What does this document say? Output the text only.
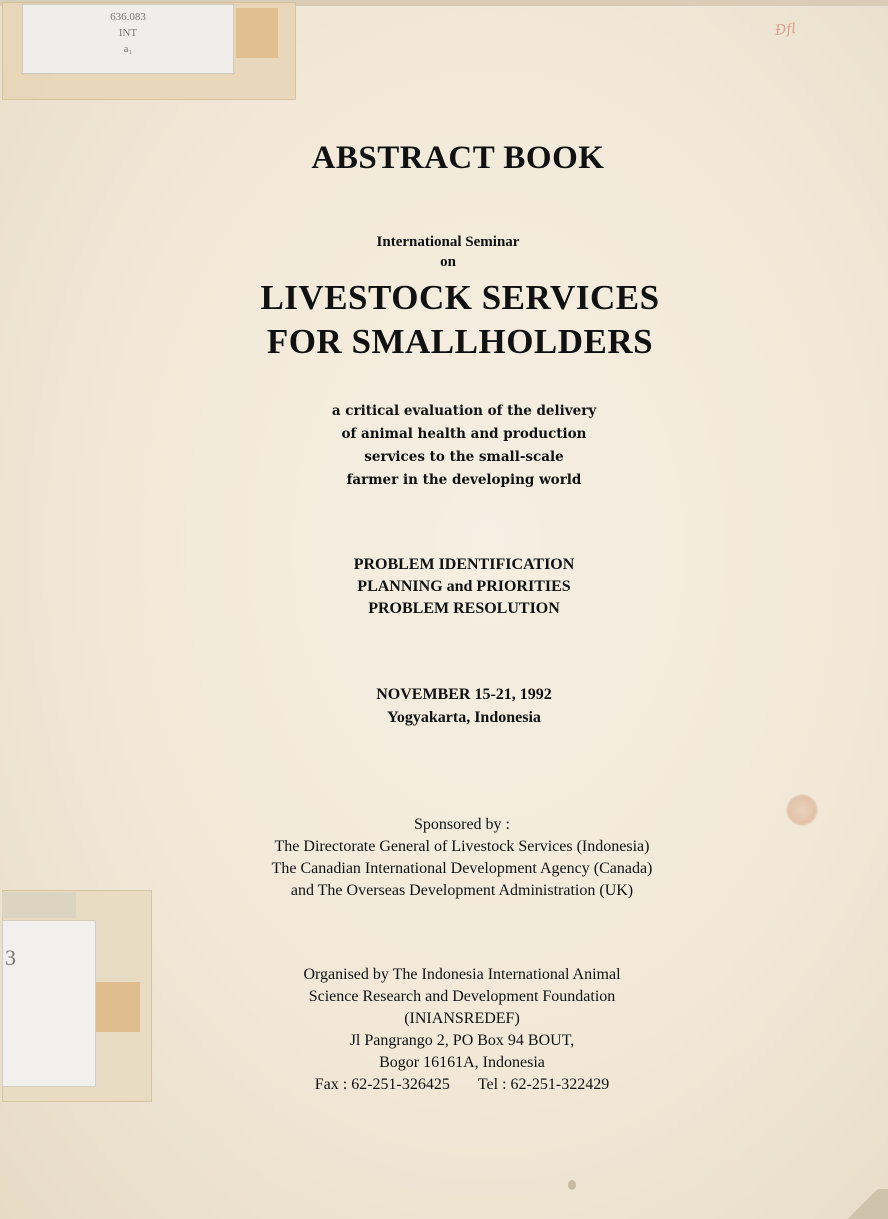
636.083
INT
a₁
Ðfl
3
ABSTRACT BOOK
International Seminar
on
LIVESTOCK SERVICES
FOR SMALLHOLDERS
a critical evaluation of the delivery
of animal health and production
services to the small-scale
farmer in the developing world
PROBLEM IDENTIFICATION
PLANNING and PRIORITIES
PROBLEM RESOLUTION
NOVEMBER 15-21, 1992
Yogyakarta, Indonesia
Sponsored by :
The Directorate General of Livestock Services (Indonesia)
The Canadian International Development Agency (Canada)
and The Overseas Development Administration (UK)
Organised by The Indonesia International Animal
Science Research and Development Foundation
(INIANSREDEF)
Jl Pangrango 2, PO Box 94 BOUT,
Bogor 16161A, Indonesia
Fax : 62-251-326425 Tel : 62-251-322429
